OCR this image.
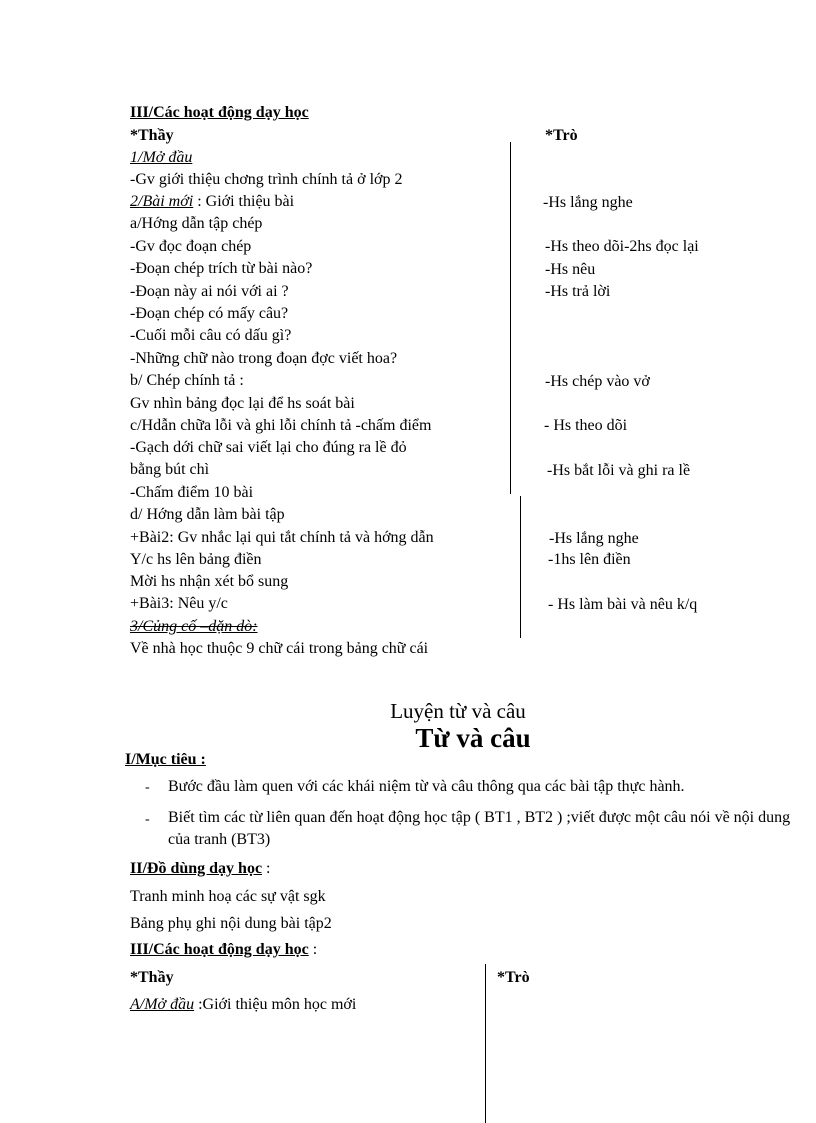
III/Các hoạt động dạy học
*Thầy	*Trò
1/Mở đầu
-Gv giới thiệu chơng trình chính tả ở lớp 2
2/Bài mới : Giới thiệu bài
a/Hớng dẫn tập chép
-Gv đọc đoạn chép
-Đoạn chép trích từ bài nào?
-Đoạn này ai nói với ai ?
-Đoạn chép có mấy câu?
-Cuối mỗi câu có dấu gì?
-Những chữ nào trong đoạn đợc viết hoa?
b/ Chép chính tả :
Gv nhìn bảng đọc lại để hs soát bài
c/Hdẫn chữa lỗi và ghi lỗi chính tả -chấm điểm
-Gạch dới chữ sai viết lại cho đúng ra lề đỏ
bằng bút chì
-Chấm điểm 10 bài
d/ Hớng dẫn làm bài tập
+Bài2: Gv nhắc lại qui tắt chính tả và hớng dẫn
Y/c hs lên bảng điền
Mời hs nhận xét bổ sung
+Bài3: Nêu y/c
3/Củng cố –dặn dò:
Về nhà học thuộc 9 chữ cái trong bảng chữ cái
-Hs lắng nghe
-Hs theo dõi-2hs đọc lại
-Hs nêu
-Hs trả lời
-Hs chép vào vở
- Hs theo dõi
-Hs bắt lỗi và ghi ra lề
-Hs lắng nghe
-1hs lên điền
- Hs làm bài và nêu k/q
Luyện từ và câu
Từ và câu
I/Mục tiêu :
- Bước đầu làm quen với các khái niệm từ và câu thông qua các bài tập thực hành.
- Biết tìm các từ liên quan đến hoạt động học tập ( BT1 , BT2 ) ;viết được một câu nói về nội dung của tranh (BT3)
II/Đồ dùng dạy học :
Tranh minh hoạ các sự vật sgk
Bảng phụ ghi nội dung bài tập2
III/Các hoạt động dạy học :
*Thầy	*Trò
A/Mở đầu :Giới thiệu môn học mới
